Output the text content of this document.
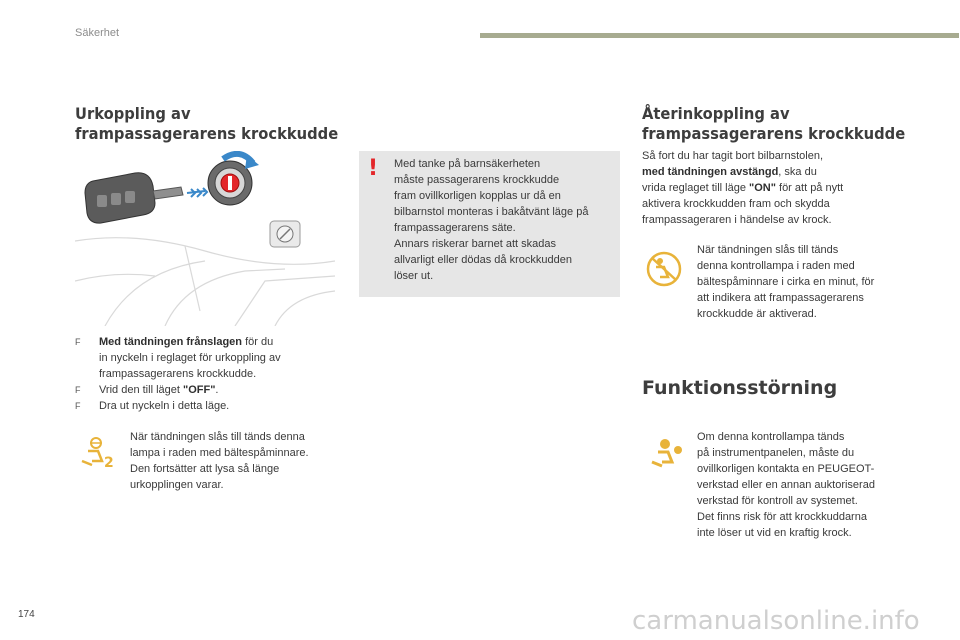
Säkerhet
Urkoppling av
frampassagerarens krockkudde
F	Med tändningen frånslagen för du
in nyckeln i reglaget för urkoppling av
frampassagerarens krockkudde.
F	Vrid den till läget "OFF".
F	Dra ut nyckeln i detta läge.
2
När tändningen slås till tänds denna
lampa i raden med bältespåminnare.
Den fortsätter att lysa så länge
urkopplingen varar.
! Med tanke på barnsäkerheten
måste passagerarens krockkudde
fram ovillkorligen kopplas ur då en
bilbarnstol monteras i bakåtvänt läge på
frampassagerarens säte.
Annars riskerar barnet att skadas
allvarligt eller dödas då krockkudden
löser ut.
Återinkoppling av
frampassagerarens krockkudde
Så fort du har tagit bort bilbarnstolen,
med tändningen avstängd, ska du
vrida reglaget till läge "ON" för att på nytt
aktivera krockkudden fram och skydda
frampassageraren i händelse av krock.
När tändningen slås till tänds
denna kontrollampa i raden med
bältespåminnare i cirka en minut, för
att indikera att frampassagerarens
krockkudde är aktiverad.
Funktionsstörning
Om denna kontrollampa tänds
på instrumentpanelen, måste du
ovillkorligen kontakta en PEUGEOT-
verkstad eller en annan auktoriserad
verkstad för kontroll av systemet.
Det finns risk för att krockkuddarna
inte löser ut vid en kraftig krock.
174	carmanualsonline.info
